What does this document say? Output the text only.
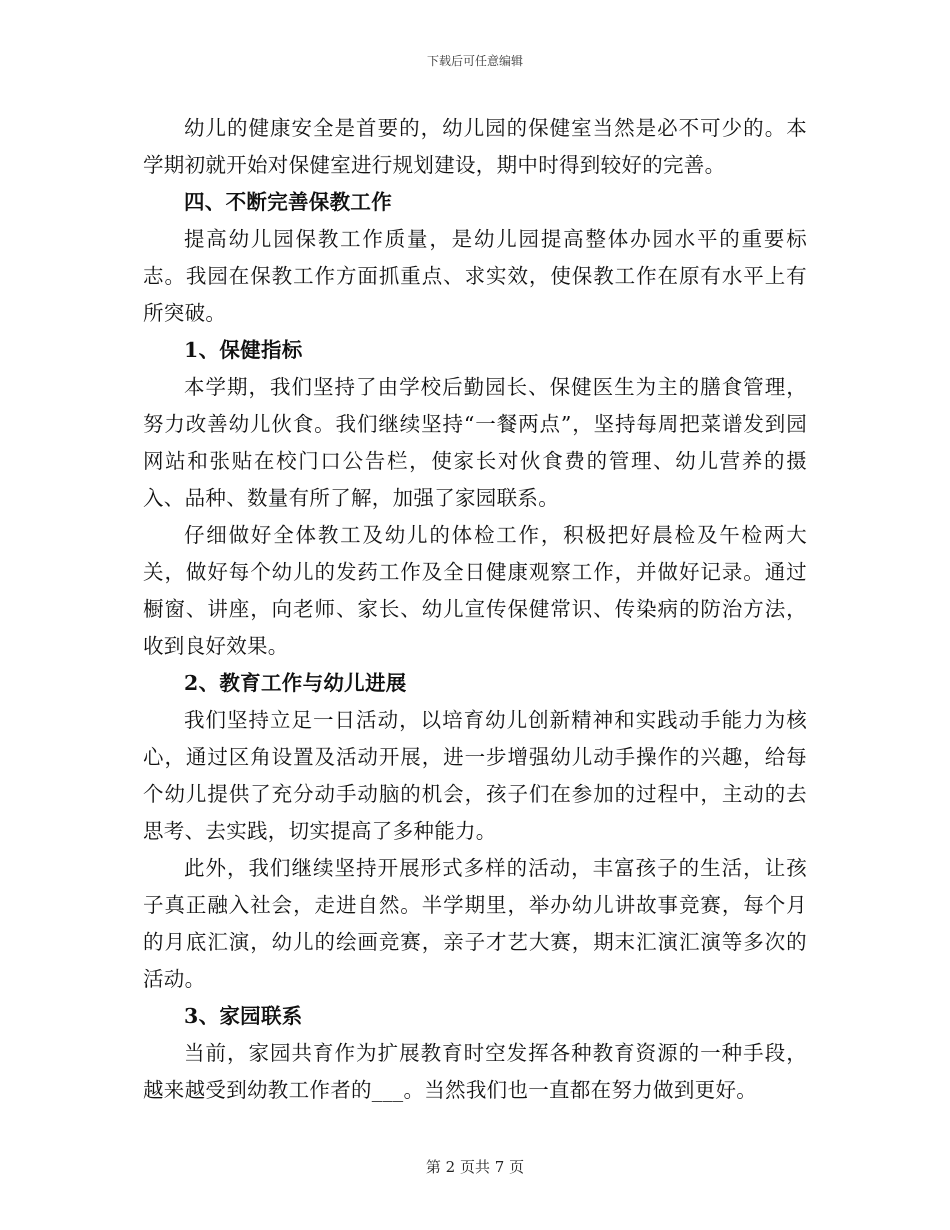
下载后可任意编辑

幼儿的健康安全是首要的，幼儿园的保健室当然是必不可少的。本学期初就开始对保健室进行规划建设，期中时得到较好的完善。

四、不断完善保教工作

提高幼儿园保教工作质量，是幼儿园提高整体办园水平的重要标志。我园在保教工作方面抓重点、求实效，使保教工作在原有水平上有所突破。

1、保健指标

本学期，我们坚持了由学校后勤园长、保健医生为主的膳食管理，努力改善幼儿伙食。我们继续坚持“一餐两点”，坚持每周把菜谱发到园网站和张贴在校门口公告栏，使家长对伙食费的管理、幼儿营养的摄入、品种、数量有所了解，加强了家园联系。

仔细做好全体教工及幼儿的体检工作，积极把好晨检及午检两大关，做好每个幼儿的发药工作及全日健康观察工作，并做好记录。通过橱窗、讲座，向老师、家长、幼儿宣传保健常识、传染病的防治方法，收到良好效果。

2、教育工作与幼儿进展

我们坚持立足一日活动，以培育幼儿创新精神和实践动手能力为核心，通过区角设置及活动开展，进一步增强幼儿动手操作的兴趣，给每个幼儿提供了充分动手动脑的机会，孩子们在参加的过程中，主动的去思考、去实践，切实提高了多种能力。

此外，我们继续坚持开展形式多样的活动，丰富孩子的生活，让孩子真正融入社会，走进自然。半学期里，举办幼儿讲故事竞赛，每个月的月底汇演，幼儿的绘画竞赛，亲子才艺大赛，期末汇演汇演等多次的活动。

3、家园联系

当前，家园共育作为扩展教育时空发挥各种教育资源的一种手段，越来越受到幼教工作者的___。当然我们也一直都在努力做到更好。

第 2 页共 7 页
